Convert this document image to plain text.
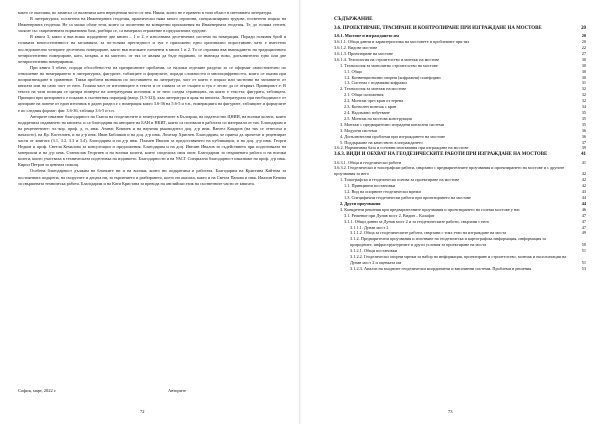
както се оказлява, по замисъл се включиха като нерецензии чисто от нея. Някои, които не е правено в тази област в световната литература.

В литературата, посветена на Инженерната геодезия, практически няма много сериозни, специализирани трудове, посветени изцяло на Инженерната геодезия. Не са малко обаче тези, които са посветени на конкретни приложения на Инженерната геодезия. Те, до голяма степен, засягат със съвременната нормативна база, разбира се, са намерили отражение в предлаганата трудове.

В книга 3, както я във всяко издадените две книги – 1 и 2, е използвана десетичната система на номерация. Поради голямия брой и голямата многостепенност на заглавията, за по-голяма прегледност и тук е приложено едно оригинално опростяване, като е вместено последователно четирите десетично номериране, както във всичките елементи в книга 1 и 2. То се отразява във въвеждането на традиционното четиристепенно номериране, като, ъпърва, и на мястото, от тях се являва да бъде надявано, се въвежда ново, допълнително едно или две четириcтепенни номерирания.

При книга 3 обаче, поради обособеността на преприсаните проблеми, се наложи отделяне раздели за се оформят самостоятелно по отношение на номерирането в литературата, фигурите, таблиците и формулите, поради сложността и многоцифреността, които се оказва при попроизвеждане в сравнение. Такъв проблем възникна по поставянето на литература, част от които е изцяло или частично на заглавието от книгата или на само част от него. Голяма част от източниците в текста и от главата са от същите и тук е лесно да се открият. Принципът е: В текста на тази позиция се цитира номерът на литературния источник и от него следва страницата, на която е текстът, фигурата, таблицата. Принцип при цитирането е показан в съответния параграф (напр. [3.5-32]), към литература в края на книгата. Литературата при необходимост от цитиране на повече от един източник в даден раздел е с номерация както 3.6-36 на 5.6-5 и т.н., номерацията на фигурите, таблиците и формулите е по следния формат: фиг. 3.6-36, таблица 3.6-5 и т.н.

Авторите изказват благодарност на Съюза на геодезистите и земеустроителите в България, на издателство ЦНИИ, на всички колеги, които подкрепиха издаването на книгата, и са благодарни на авторите на БАН и НКИТ, които са ползвали в работата си материали от тях. Благодарим и на рецензентите: чл.-кор. проф. д. н. инж. Атанас Ковачев и на научния ръководител доц. д-р инж. Вангел Кацаров (на тях се отнесоха в началото), на Кр. Кастелиев, и на д-р инж. Иван Библиков и на доц. д-р инж. Лъчезар Хрисчев. Благодарим, че приеха да прочетат и рецензират части от книгата (3.1, 3.2, 3.3 и 3.4). Благодарим и на д-р инж. Пламен Ивалов за предоставянето на публикации, и на доц. д-р инж. Георги Недков и проф. Светла Кемалова за консултации и предложения. Благодарим и на доц. Ивелин Ивалов за съдействието при подготовката на материали и на д-р инж. Станислав Георгиев и на всички колеги, които споделиха своя опит. Благодарим за свършената работа и на всички колеги, които участваха в техническата подготовка на изданието. Благодарности и на УАСГ. Специална благодарност изказваме на проф. д-р инж. Кирил Петров за ценната помощ.

Особена благодарност дължим на близките ни и на всички, които ни подкрепиха в работата. Благодарим на Кристина Кайтова за постоянната подкрепа, на съпругите и децата ни, за търпението и разбирането, което ни оказаха, както и на Светла Панова и инж. Ивалин Кенова за свършената техническа работа. Благодарим и на Кати Кристана за превода на английски език на съответните части от книгата.

София, март, 2022 г.	Авторите
72
СЪДЪРЖАНИЕ
3.6. ПРОЕКТИРАНЕ, ТРАСИРАНЕ И КОНТРОЛИРАНЕ ПРИ ИЗГРАЖДАНЕ НА МОСТОВЕ	20
3.6.1. Мостове и изграждането им	20
3.6.1.1. Общи данни и характеристика на мостовете и проблемите при тях	20
3.6.1.2. Видове мостове	22
3.6.1.3. Проектиране на мостове	27
3.6.1.4. Технология на строителство и монтаж на мостове	30
1. Технология за монолитно строителство на мостове	30
1.1. Общо	30
1.2. Конвенционални опорни (кофражни) платформи	30
1.3. Система с подвижни кофражи	31
2. Технология за монтаж на мостове	32
2.1. Общи положения	32
2.2. Монтаж чрез кран от терена	32
2.3. Конзолен монтаж с кран	34
2.4. Надлъжно избутване	35
2.5. Монтаж на мостова конструкция	35
3. Монтаж с предварително изградени конзолни системи	35
3. Модулни системи	36
4. Допълнителни проблеми при изграждането на мостове	36
5. Поддържане на качеството в изграждането	37
3.6.2. Нормативна база и основни изисквания при изграждане на мостове	39
3.6.3. ВИДИ И ОБХВАТ НА ГЕОДЕЗИЧЕСКИТЕ РАБОТИ ПРИ ИЗГРАЖДАНЕ НА МОСТОВЕ	41
3.6.3.1. Общи и геодезически работи	41
3.6.3.2. Геодезически и топографски работи, свързани с предварителните проучвания и проектирането на мостове и с другите проучвания за него	42
1. Топографска и геодезическа основа за проектиране на мостове	42
1.1. Принципни постановки	42
1.2. Вид на опорните геодезически мрежи	43
1.3. Специфични геодезически работи при проектирането на мостове	44
2. Други проучвания	44
3. Конкретни решения при предварителните проучвания и проектирането на големи мостове у нас	46
3.1. Решение при Дунав мост 2, Видин – Калафат	47
3.1.1. Общи данни за Дунав мост 2 и за геодезическите работи, свързани с него	47
3.1.1.1. Дунав мост 2	47
3.1.1.2. Обща за геодезическите работи, свързани с тоях етап на изграждане на моста	49
3.1.2. Предварителни проучвания и изготвяне на геодезическа и картографска информация, информация за природните, инфраструктурните и други условия за проектиране на моста	50
3.1.2.1. Общи постановки	51
3.1.2.2. Геодезически опорни мрежи за набор на информация, проектиране и строителство, монтаж и експлоатация на Дунав мост 2 и оценката им	51
3.1.2.3. Анализ на входните геодезически координатни и височинни системи. Проблеми и решения	53
73
